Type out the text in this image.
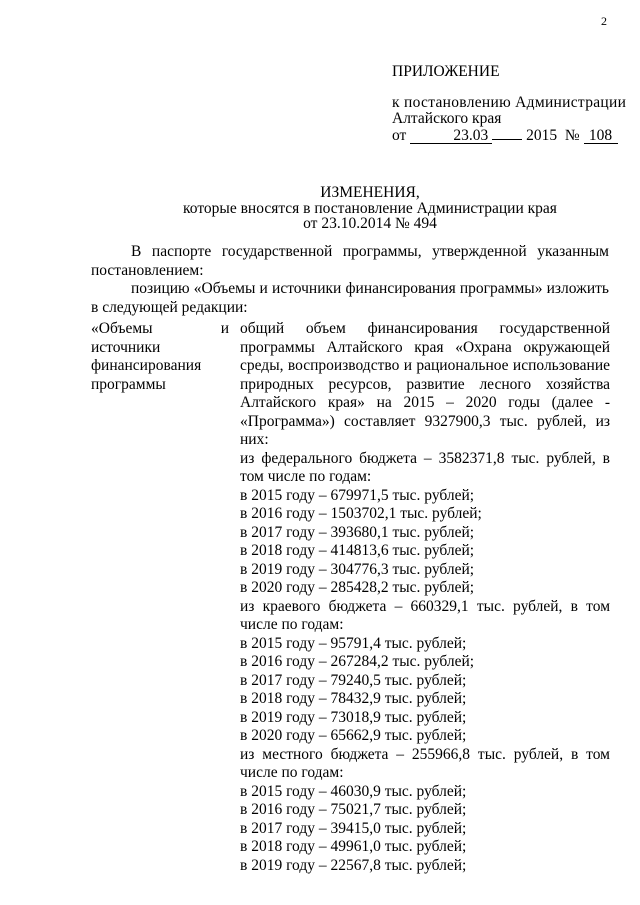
2
ПРИЛОЖЕНИЕ
к постановлению Администрации
Алтайского края
от	23.03 2015 № 108
ИЗМЕНЕНИЯ,
которые вносятся в постановление Администрации края
от 23.10.2014 № 494

В паспорте государственной программы, утвержденной указанным постановлением:

позицию «Объемы и источники финансирования программы» изложить в следующей редакции:

«Объемы и источники финансирования программы

общий объем финансирования государственной программы Алтайского края «Охрана окружающей среды, воспроизводство и рациональное использование природных ресурсов, развитие лесного хозяйства Алтайского края» на 2015 – 2020 годы (далее - «Программа») составляет 9327900,3 тыс. рублей, из них:

из федерального бюджета – 3582371,8 тыс. рублей, в том числе по годам:

в 2015 году – 679971,5 тыс. рублей;
в 2016 году – 1503702,1 тыс. рублей;
в 2017 году – 393680,1 тыс. рублей;
в 2018 году – 414813,6 тыс. рублей;
в 2019 году – 304776,3 тыс. рублей;
в 2020 году – 285428,2 тыс. рублей;

из краевого бюджета – 660329,1 тыс. рублей, в том числе по годам:

в 2015 году – 95791,4 тыс. рублей;
в 2016 году – 267284,2 тыс. рублей;
в 2017 году – 79240,5 тыс. рублей;
в 2018 году – 78432,9 тыс. рублей;
в 2019 году – 73018,9 тыс. рублей;
в 2020 году – 65662,9 тыс. рублей;

из местного бюджета – 255966,8 тыс. рублей, в том числе по годам:

в 2015 году – 46030,9 тыс. рублей;
в 2016 году – 75021,7 тыс. рублей;
в 2017 году – 39415,0 тыс. рублей;
в 2018 году – 49961,0 тыс. рублей;
в 2019 году – 22567,8 тыс. рублей;
